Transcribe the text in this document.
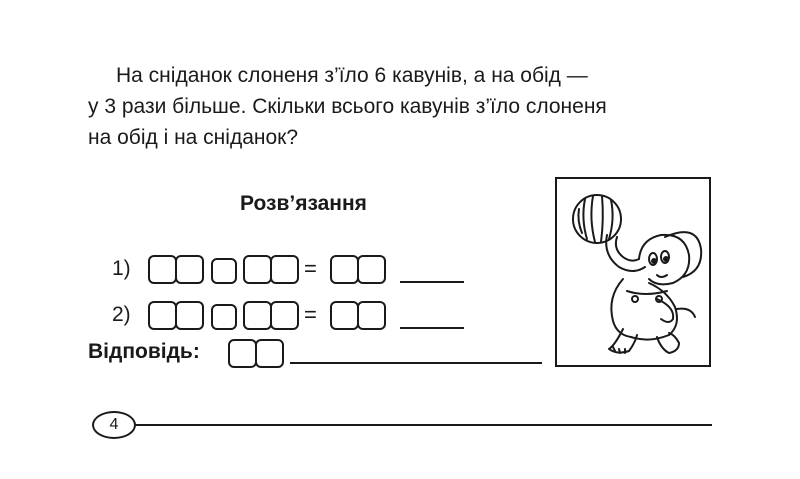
На сніданок слоненя з’їло 6 кавунів, а на обід —
у 3 рази більше. Скільки всього кавунів з’їло слоненя
на обід і на сніданок?
Розв’язання
1)	=
2)	=
Відповідь:
4
